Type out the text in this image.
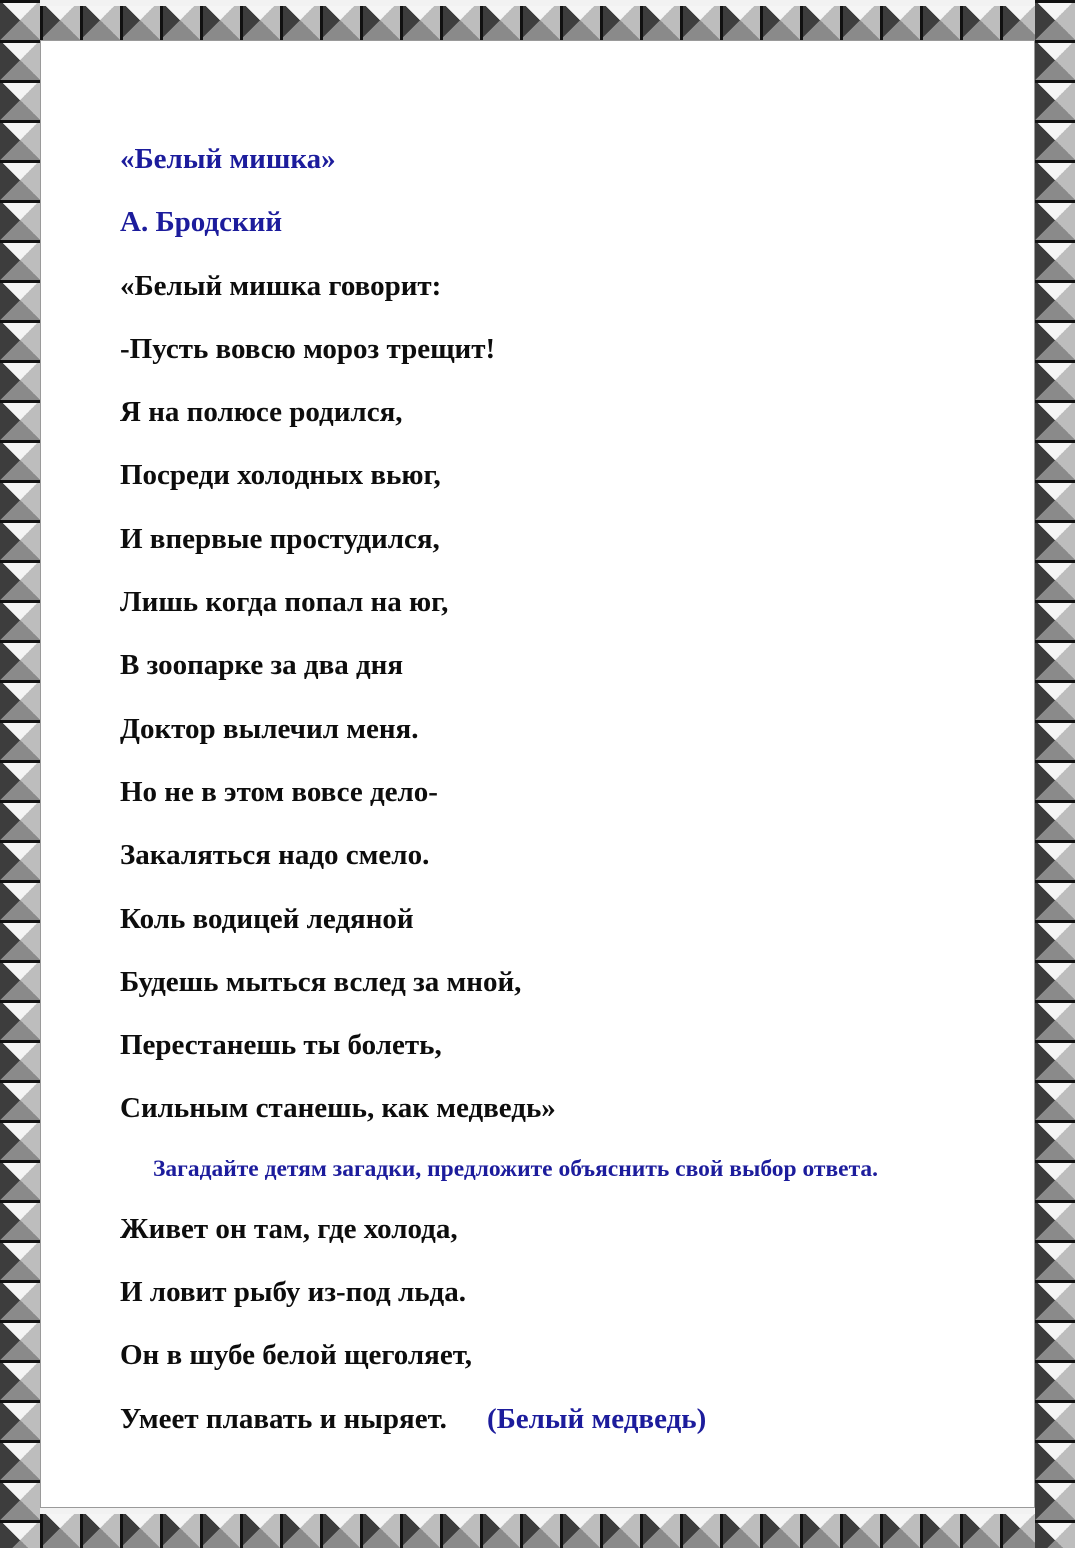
«Белый мишка»

А. Бродский

«Белый мишка говорит:

-Пусть вовсю мороз трещит!

Я на полюсе родился,

Посреди холодных вьюг,

И впервые простудился,

Лишь когда попал на юг,

В зоопарке за два дня

Доктор вылечил меня.

Но не в этом вовсе дело-

Закаляться надо смело.

Коль водицей ледяной

Будешь мыться вслед за мной,

Перестанешь ты болеть,

Сильным станешь, как медведь»

Загадайте детям загадки, предложите объяснить свой выбор ответа.

Живет он там, где холода,

И ловит рыбу из-под льда.

Он в шубе белой щеголяет,

Умеет плавать и ныряет. (Белый медведь)
